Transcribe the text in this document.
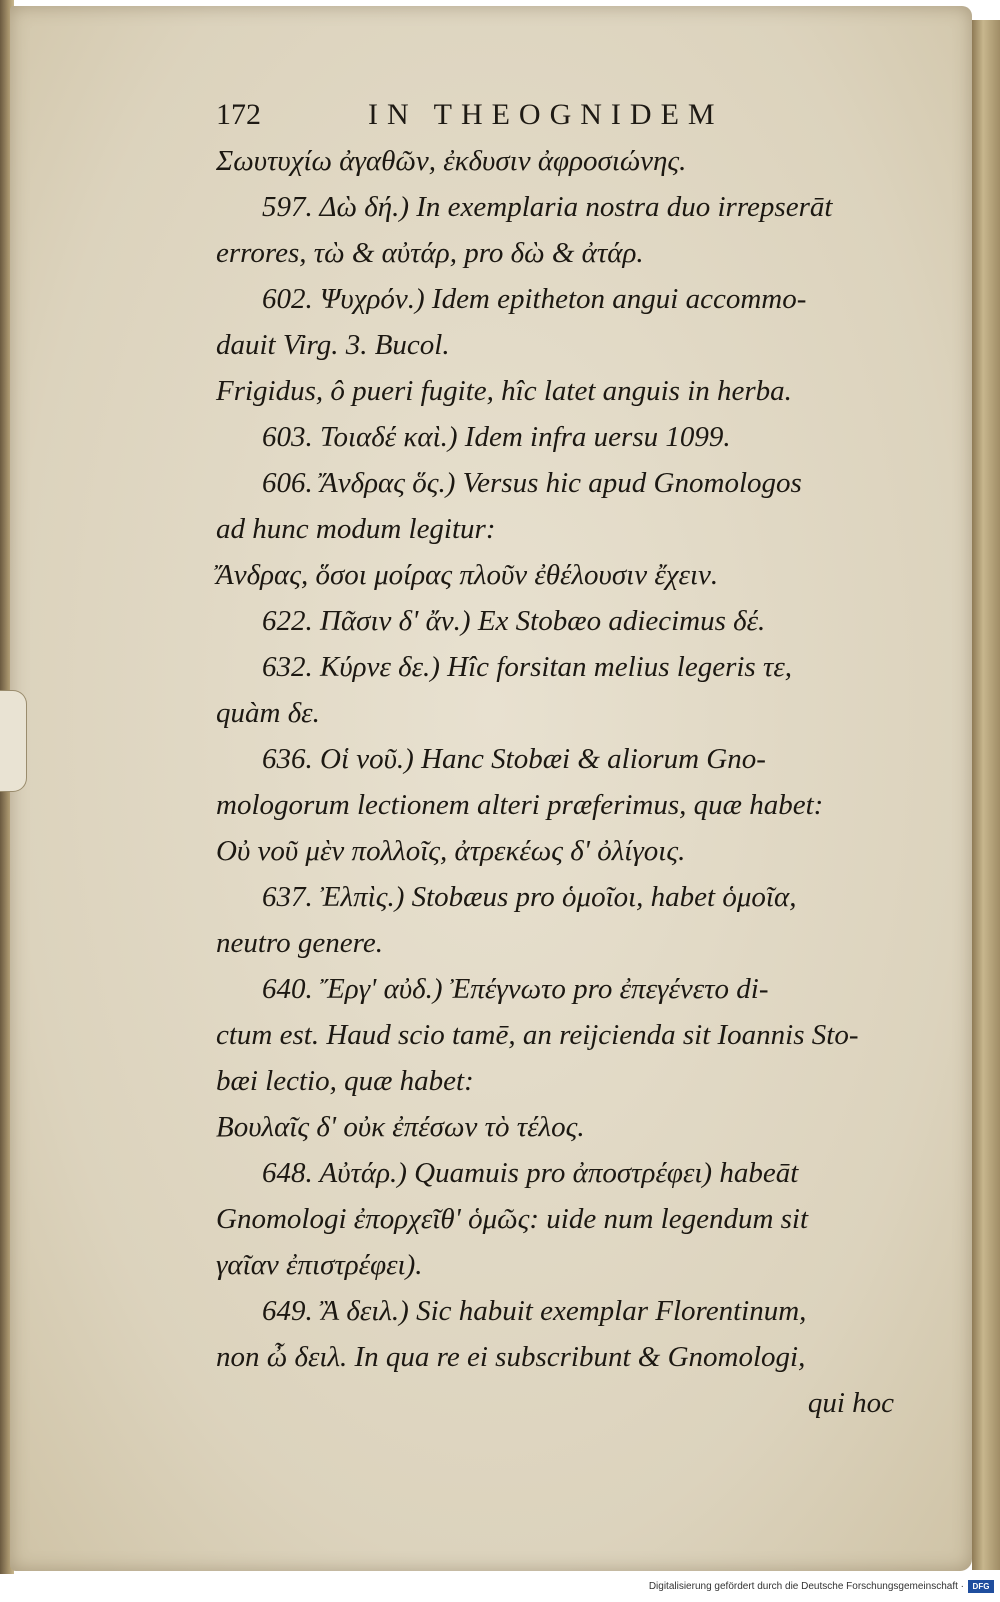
172	IN THEOGNIDEM
Σωυτυχίω ἀγαθῶν, ἐκδυσιν ἀφροσιώνης.
597. Δὼ δή.) In exemplaria nostra duo irrepserāt
errores, τὼ & αὐτάρ, pro δὼ & ἀτάρ.
602. Ψυχρόν.) Idem epitheton angui accommo-
dauit Virg. 3. Bucol.
Frigidus, ô pueri fugite, hîc latet anguis in herba.
603. Τοιαδέ καὶ.) Idem infra uersu 1099.
606. Ἄνδρας ὅς.) Versus hic apud Gnomologos
ad hunc modum legitur:
Ἄνδρας, ὅσοι μοίρας πλοῦν ἐθέλουσιν ἔχειν.
622. Πᾶσιν δ' ἄν.) Ex Stobæo adiecimus δέ.
632. Κύρνε δε.) Hîc forsitan melius legeris τε,
quàm δε.
636. Οἱ νοῦ.) Hanc Stobæi & aliorum Gno-
mologorum lectionem alteri præferimus, quæ habet:
Οὐ νοῦ μὲν πολλοῖς, ἀτρεκέως δ' ὀλίγοις.
637. Ἐλπὶς.) Stobæus pro ὁμοῖοι, habet ὁμοῖα,
neutro genere.
640. Ἔργ' αὐδ.) Ἐπέγνωτο pro ἐπεγένετο di-
ctum est. Haud scio tamē, an reijcienda sit Ioannis Sto-
bæi lectio, quæ habet:
Βουλαῖς δ' οὐκ ἐπέσων τὸ τέλος.
648. Αὐτάρ.) Quamuis pro ἀποστρέφει) habeāt
Gnomologi ἐπορχεῖθ' ὁμῶς: uide num legendum sit
γαῖαν ἐπιστρέφει).
649. Ἂ δειλ.) Sic habuit exemplar Florentinum,
non ὦ δειλ. In qua re ei subscribunt & Gnomologi,
qui hoc
Digitalisierung gefördert durch die Deutsche Forschungsgemeinschaft ·	DFG
